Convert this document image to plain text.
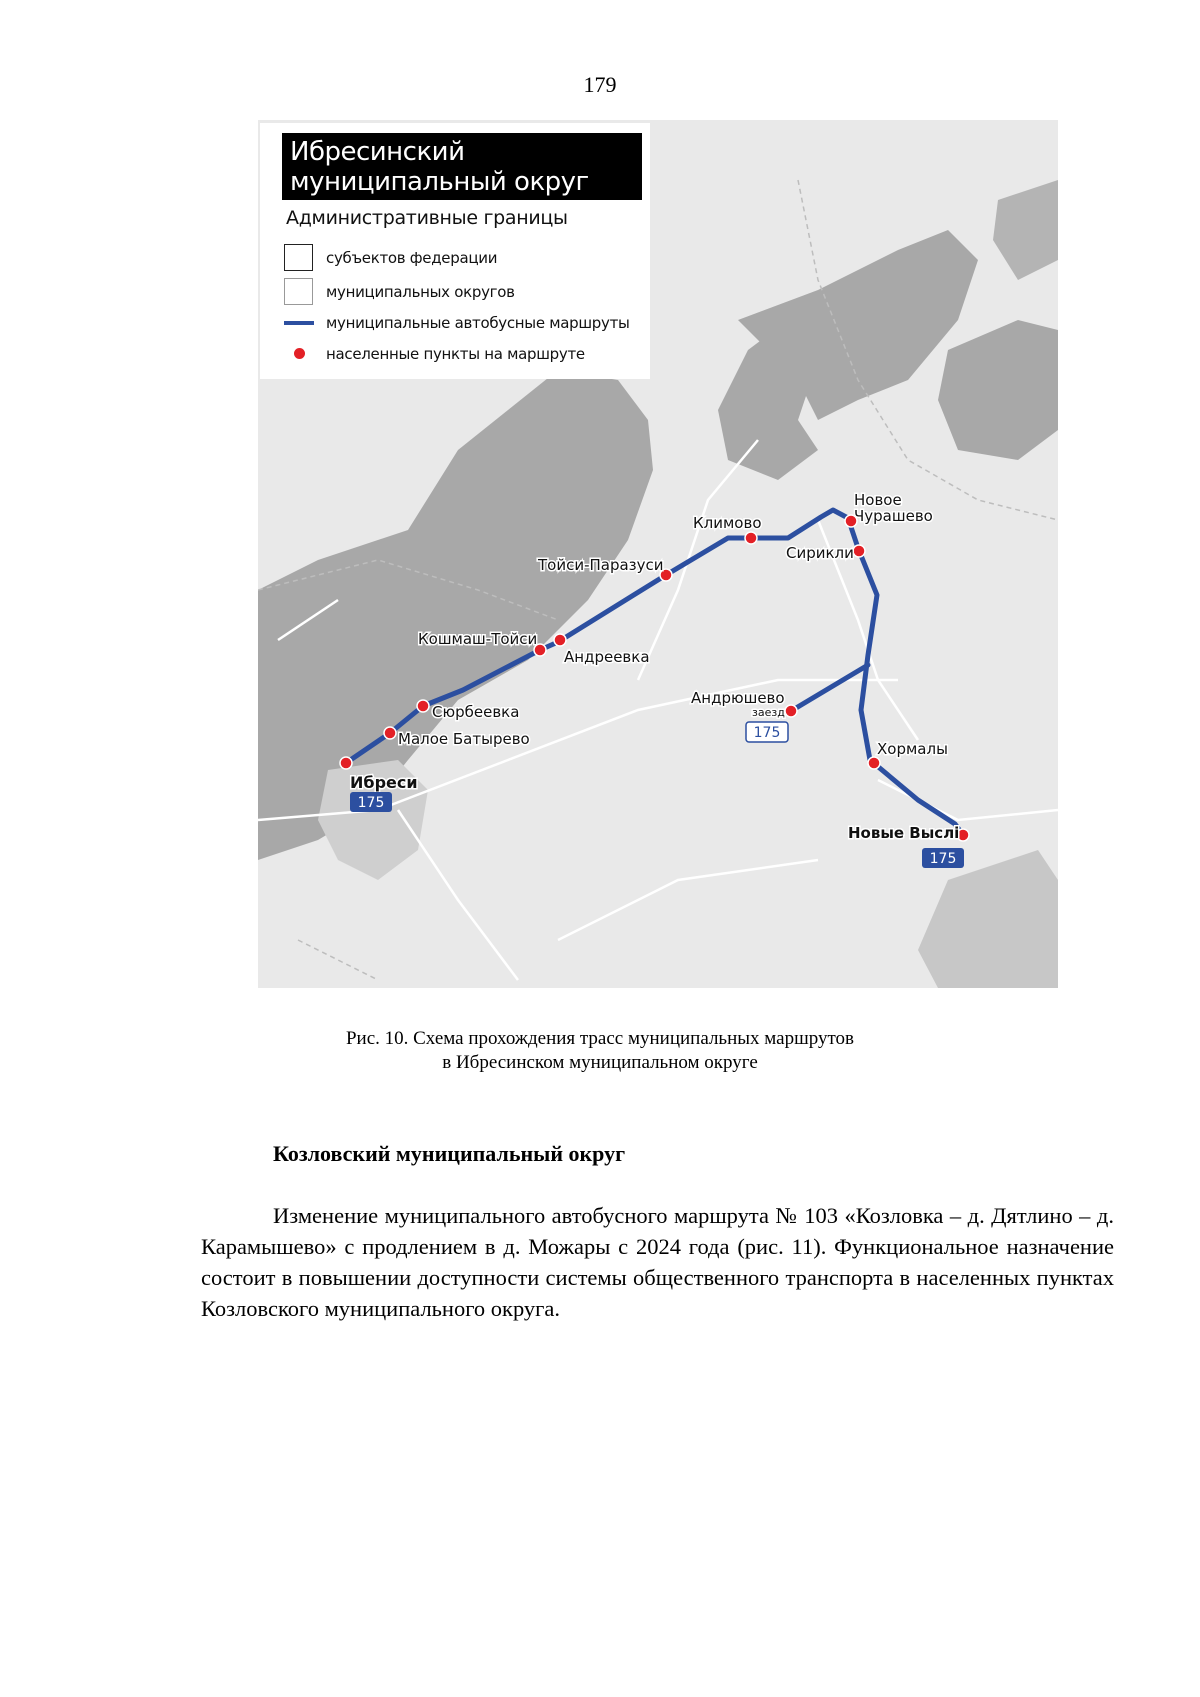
179
Ибреси
Малое Батырево
Сюрбеевка
Кошмаш-Тойси
Андреевка
Тойси-Паразуси
Климово
Новое
Чурашево
Сирикли
Андрюшево
заезд
Хормалы
Новые Выслі
175
175
175
Ибресинский
муниципальный округ
Административные границы
субъектов федерации
муниципальных округов
муниципальные автобусные маршруты
населенные пункты на маршруте
Рис. 10. Схема прохождения трасс муниципальных маршрутов
в Ибресинском муниципальном округе
Козловский муниципальный округ

Изменение муниципального автобусного маршрута № 103 «Козловка – д. Дятлино – д. Карамышево» с продлением в д. Можары с 2024 года (рис. 11). Функциональное назначение состоит в повышении доступности системы общественного транспорта в населенных пунктах Козловского муниципального округа.
